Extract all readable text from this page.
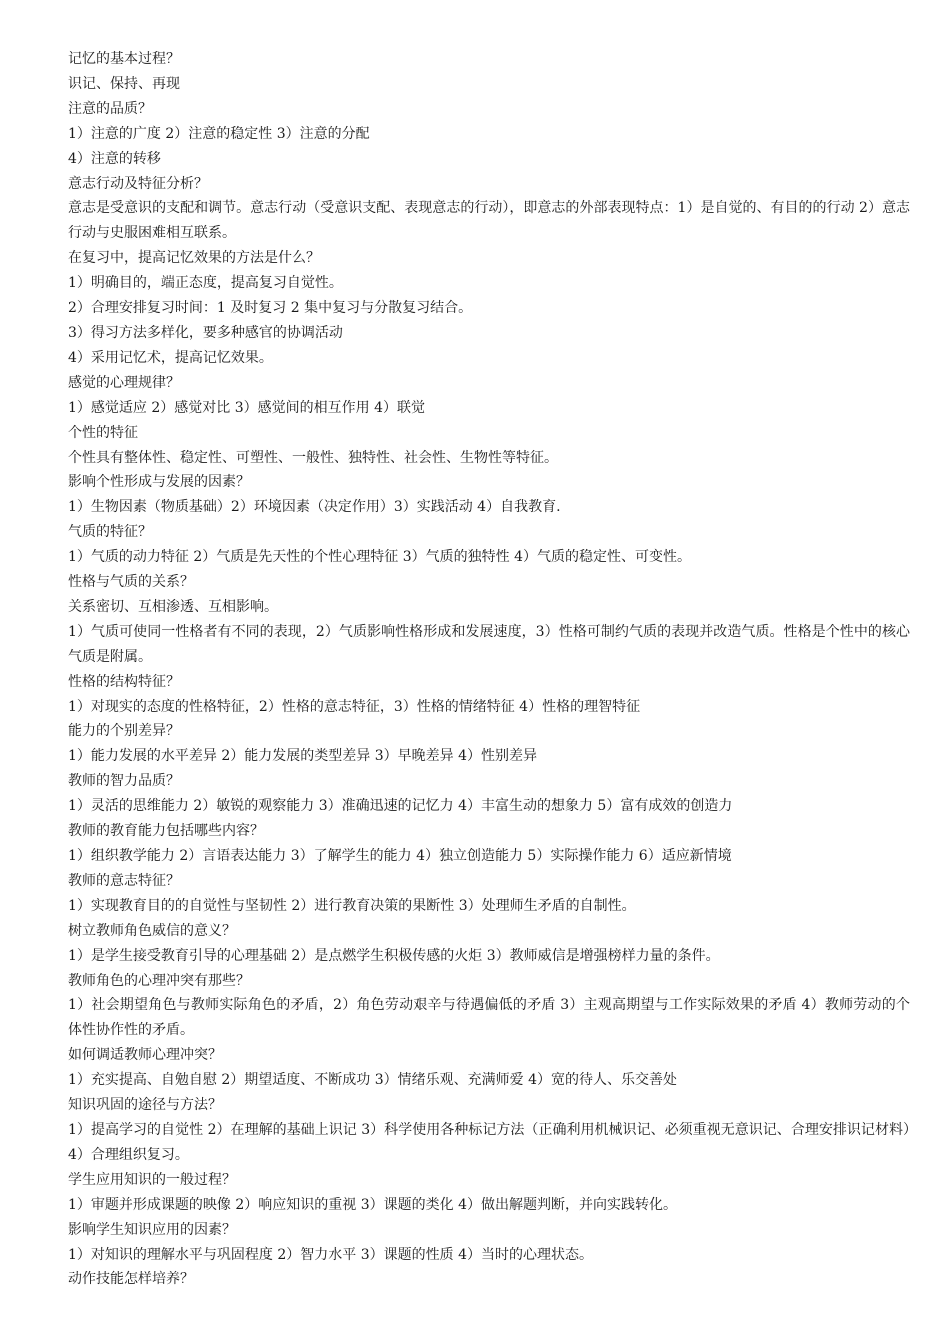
记忆的基本过程？
识记、保持、再现
注意的品质？
1）注意的广度 2）注意的稳定性 3）注意的分配
4）注意的转移
意志行动及特征分析？
意志是受意识的支配和调节。意志行动（受意识支配、表现意志的行动），即意志的外部表现特点：1）是自觉的、有目的的行动 2）意志行动与史服困难相互联系。
在复习中，提高记忆效果的方法是什么？
1）明确目的，端正态度，提高复习自觉性。
2）合理安排复习时间：1 及时复习 2 集中复习与分散复习结合。
3）得习方法多样化，要多种感官的协调活动
4）采用记忆术，提高记忆效果。
感觉的心理规律？
1）感觉适应 2）感觉对比 3）感觉间的相互作用 4）联觉
个性的特征
个性具有整体性、稳定性、可塑性、一般性、独特性、社会性、生物性等特征。
影响个性形成与发展的因素？
1）生物因素（物质基础）2）环境因素（决定作用）3）实践活动 4）自我教育.
气质的特征？
1）气质的动力特征 2）气质是先天性的个性心理特征 3）气质的独特性 4）气质的稳定性、可变性。
性格与气质的关系？
关系密切、互相渗透、互相影响。
1）气质可使同一性格者有不同的表现，2）气质影响性格形成和发展速度，3）性格可制约气质的表现并改造气质。性格是个性中的核心气质是附属。
性格的结构特征？
1）对现实的态度的性格特征，2）性格的意志特征，3）性格的情绪特征 4）性格的理智特征
能力的个别差异？
1）能力发展的水平差异 2）能力发展的类型差异 3）早晚差异 4）性别差异
教师的智力品质？
1）灵活的思维能力 2）敏锐的观察能力 3）准确迅速的记忆力 4）丰富生动的想象力 5）富有成效的创造力
教师的教育能力包括哪些内容？
1）组织教学能力 2）言语表达能力 3）了解学生的能力 4）独立创造能力 5）实际操作能力 6）适应新情境
教师的意志特征？
1）实现教育目的的自觉性与坚韧性 2）进行教育决策的果断性 3）处理师生矛盾的自制性。
树立教师角色威信的意义？
1）是学生接受教育引导的心理基础 2）是点燃学生积极传感的火炬 3）教师威信是增强榜样力量的条件。
教师角色的心理冲突有那些？
1）社会期望角色与教师实际角色的矛盾，2）角色劳动艰辛与待遇偏低的矛盾 3）主观高期望与工作实际效果的矛盾 4）教师劳动的个体性协作性的矛盾。
如何调适教师心理冲突？
1）充实提高、自勉自慰 2）期望适度、不断成功 3）情绪乐观、充满师爱 4）宽的待人、乐交善处
知识巩固的途径与方法？
1）提高学习的自觉性 2）在理解的基础上识记 3）科学使用各种标记方法（正确利用机械识记、必须重视无意识记、合理安排识记材料）4）合理组织复习。
学生应用知识的一般过程？
1）审题并形成课题的映像 2）响应知识的重视 3）课题的类化 4）做出解题判断，并向实践转化。
影响学生知识应用的因素？
1）对知识的理解水平与巩固程度 2）智力水平 3）课题的性质 4）当时的心理状态。
动作技能怎样培养？
